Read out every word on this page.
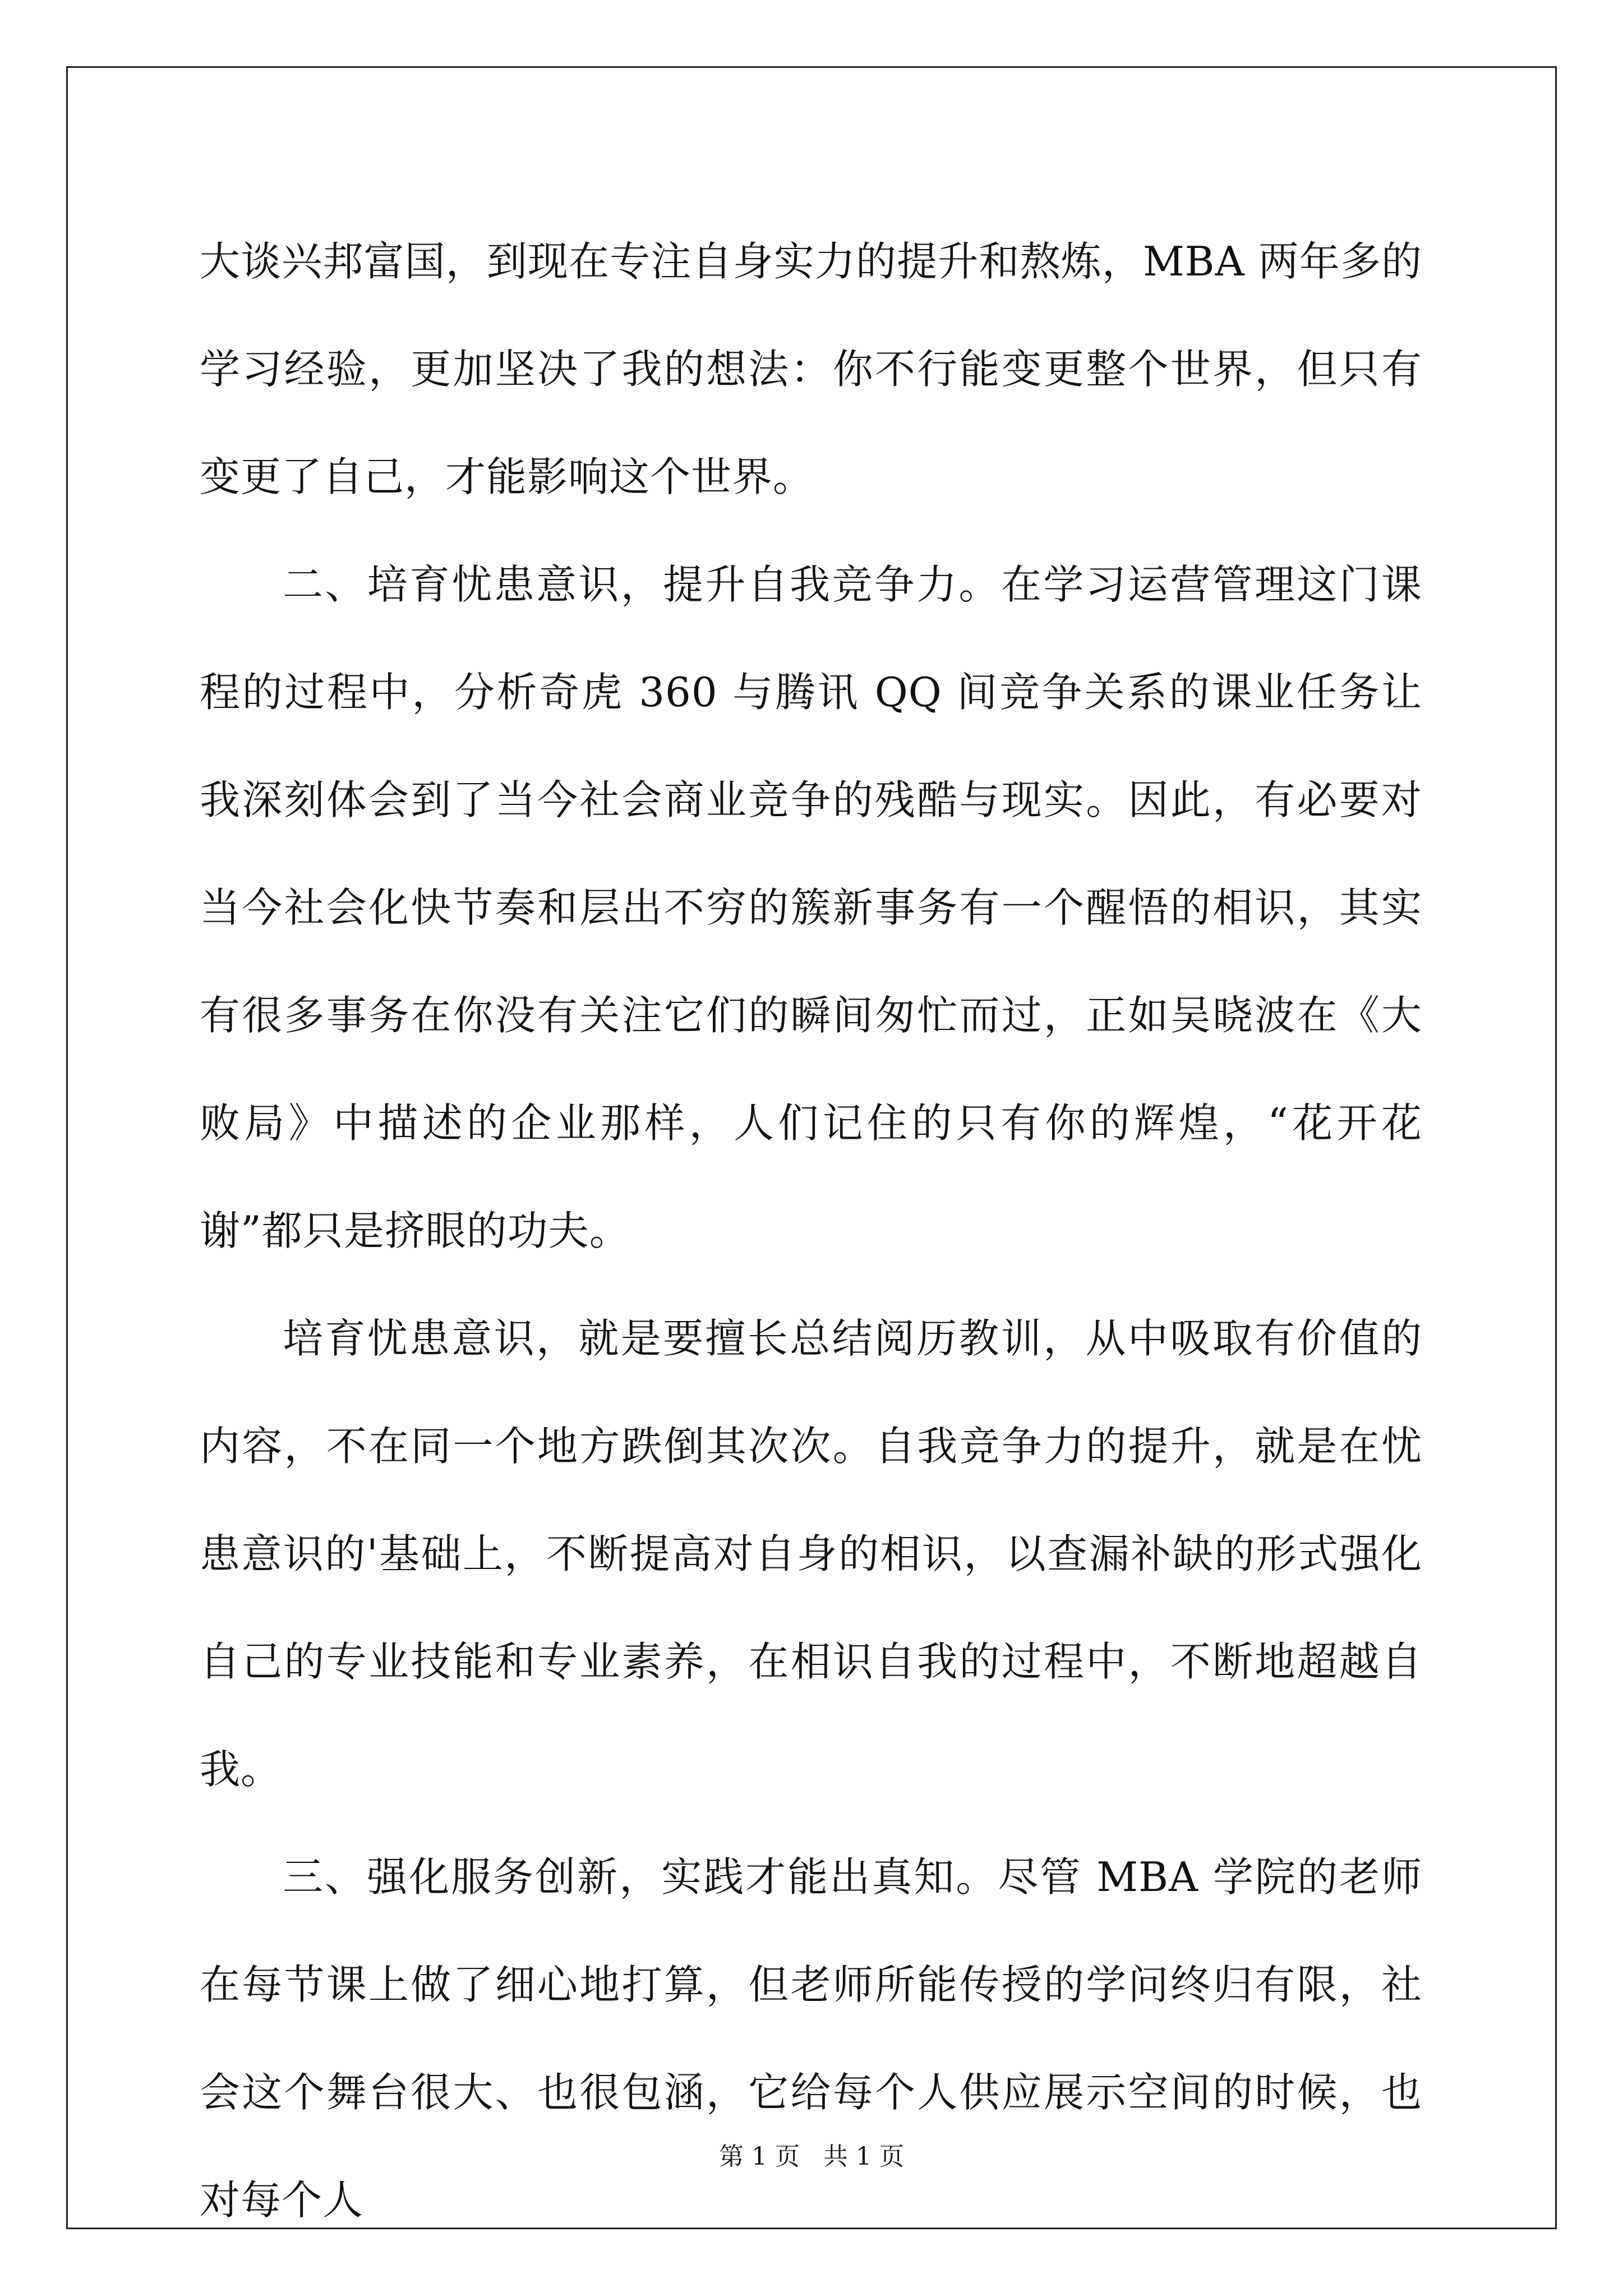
大谈兴邦富国，到现在专注自身实力的提升和熬炼，MBA 两年多的学习经验，更加坚决了我的想法：你不行能变更整个世界，但只有变更了自己，才能影响这个世界。

二、培育忧患意识，提升自我竞争力。在学习运营管理这门课程的过程中，分析奇虎 360 与腾讯 QQ 间竞争关系的课业任务让我深刻体会到了当今社会商业竞争的残酷与现实。因此，有必要对当今社会化快节奏和层出不穷的簇新事务有一个醒悟的相识，其实有很多事务在你没有关注它们的瞬间匆忙而过，正如吴晓波在《大败局》中描述的企业那样，人们记住的只有你的辉煌，“花开花谢”都只是挤眼的功夫。

培育忧患意识，就是要擅长总结阅历教训，从中吸取有价值的内容，不在同一个地方跌倒其次次。自我竞争力的提升，就是在忧患意识的'基础上，不断提高对自身的相识，以查漏补缺的形式强化自己的专业技能和专业素养，在相识自我的过程中，不断地超越自我。

三、强化服务创新，实践才能出真知。尽管 MBA 学院的老师在每节课上做了细心地打算，但老师所能传授的学问终归有限，社会这个舞台很大、也很包涵，它给每个人供应展示空间的时候，也对每个人

第 1 页   共 1 页
